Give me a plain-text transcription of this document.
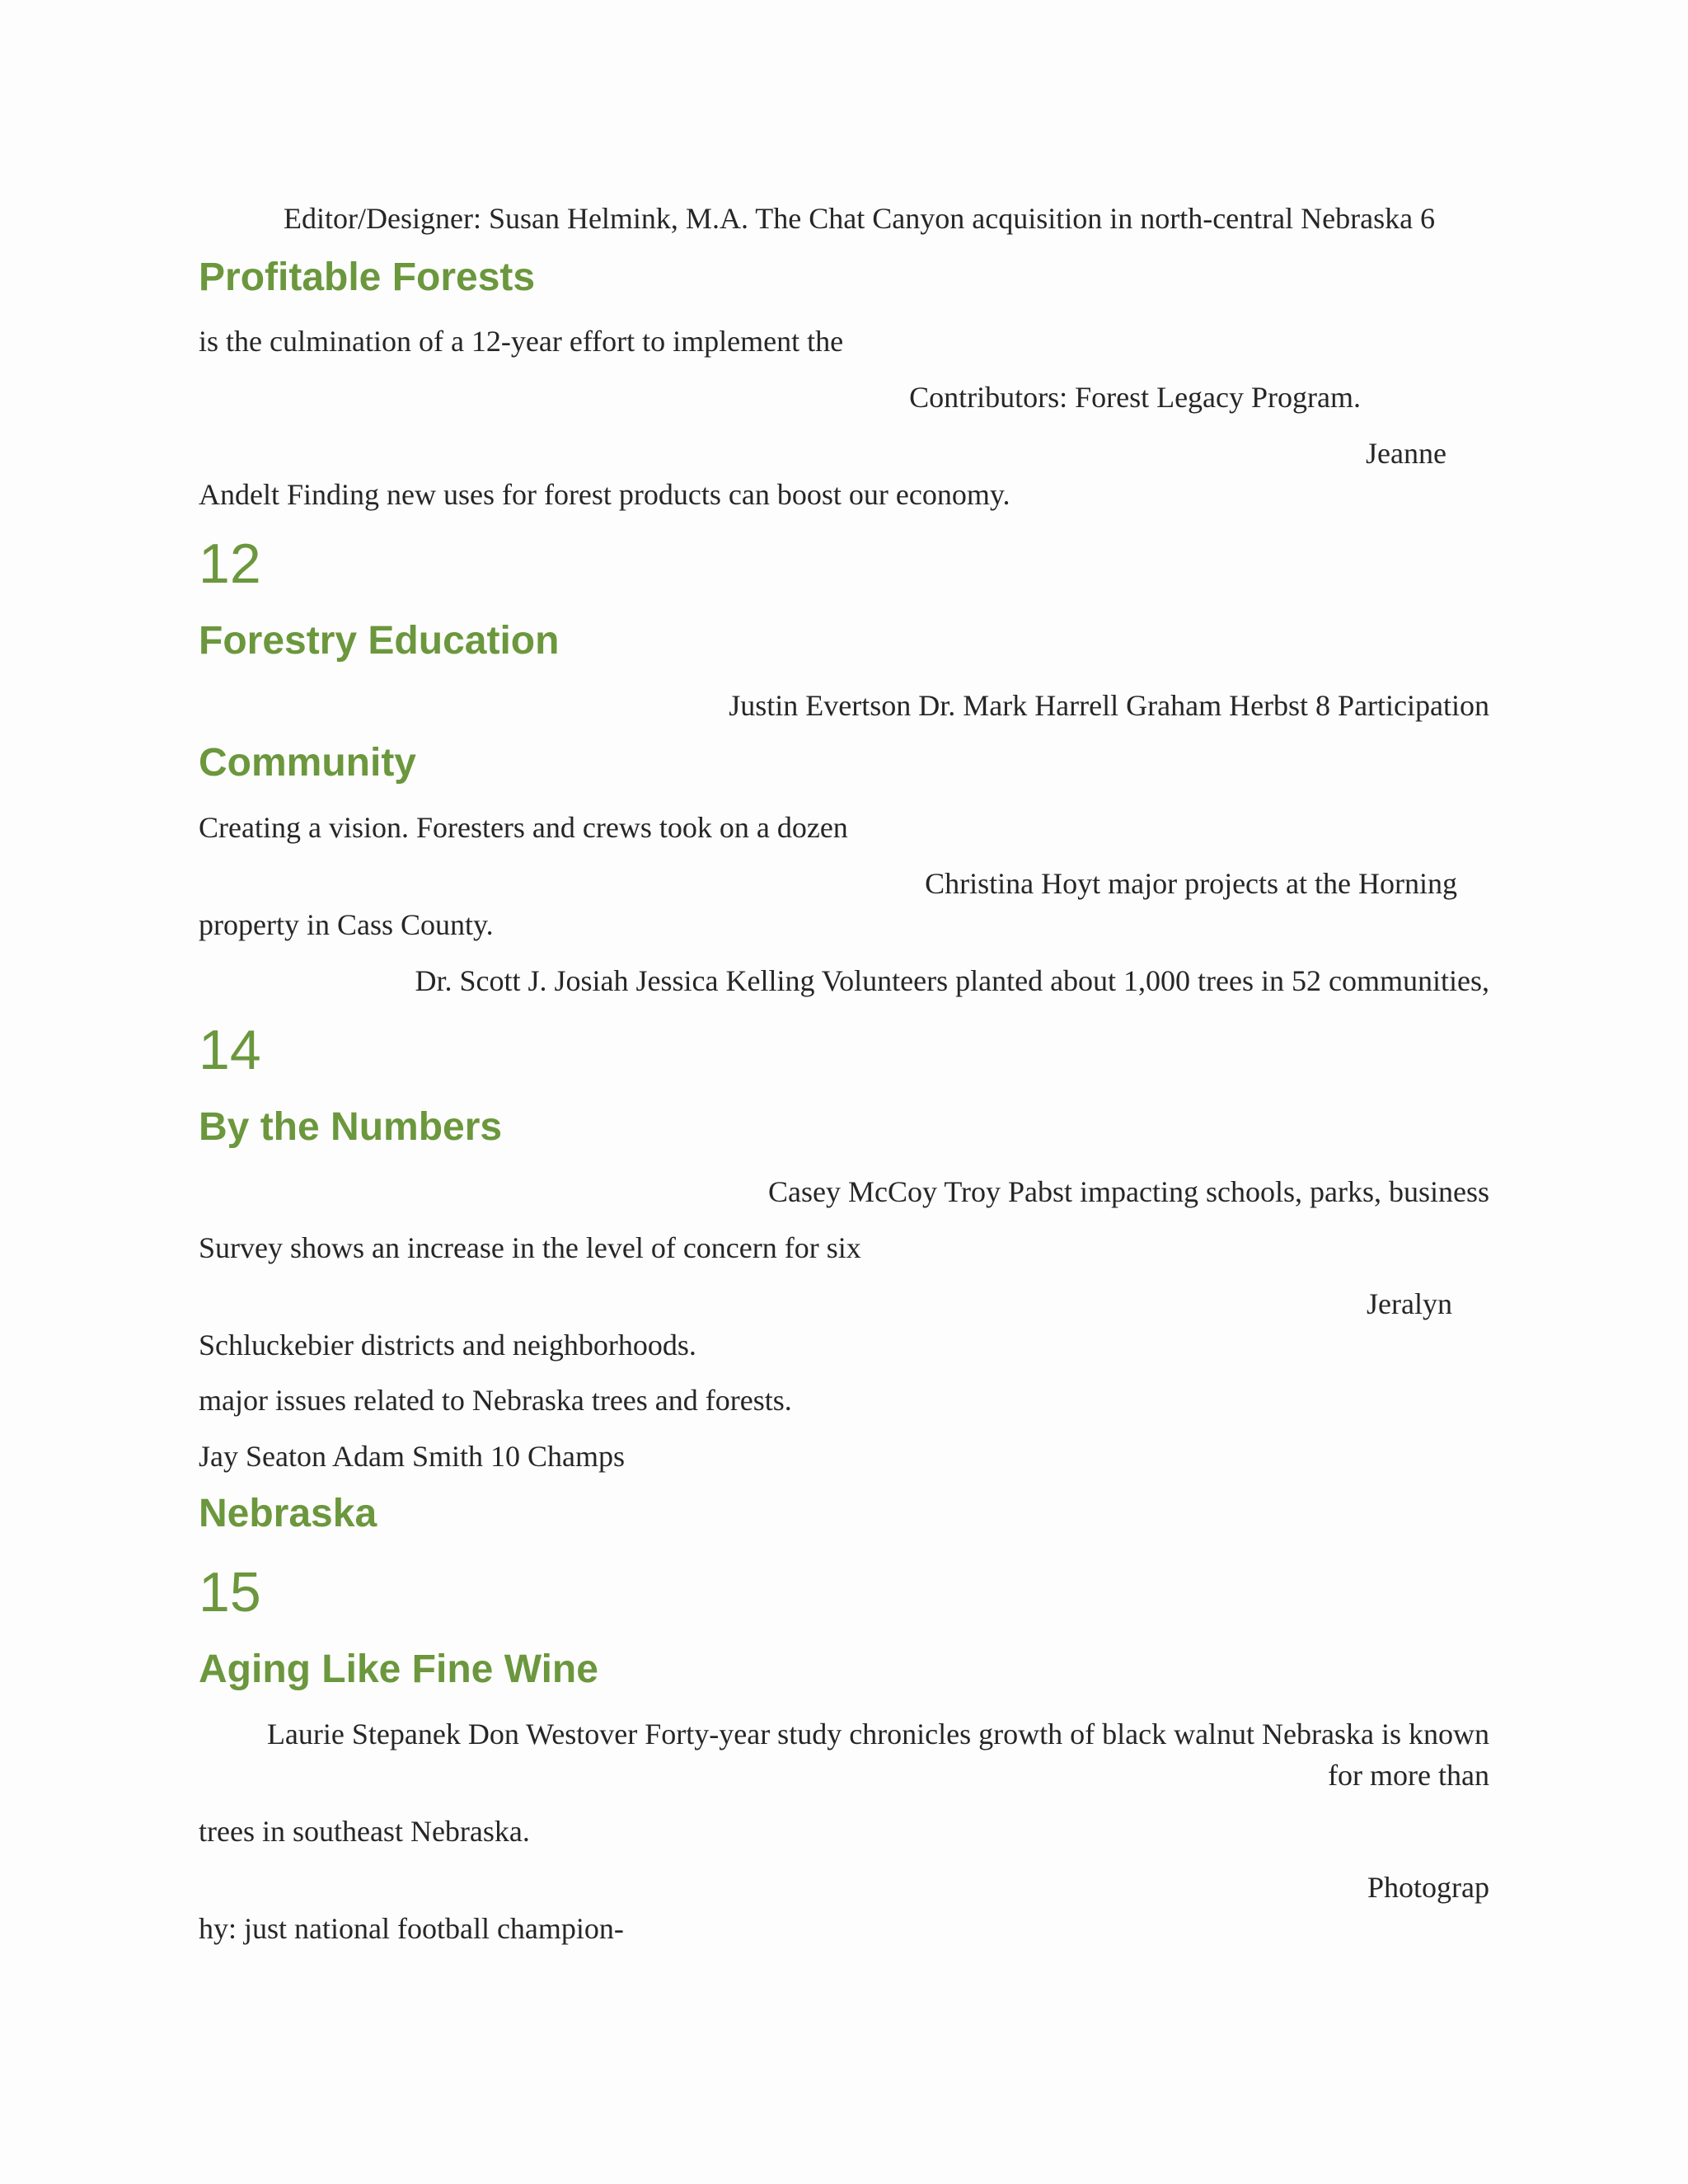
Editor/Designer: Susan Helmink, M.A. The Chat Canyon acquisition in north-central Nebraska 6
Profitable Forests
is the culmination of a 12-year effort to implement the
Contributors: Forest Legacy Program.
Jeanne
Andelt Finding new uses for forest products can boost our economy.
12
Forestry Education
Justin Evertson Dr. Mark Harrell Graham Herbst 8 Participation
Community
Creating a vision. Foresters and crews took on a dozen
Christina Hoyt major projects at the Horning
property in Cass County.
Dr. Scott J. Josiah Jessica Kelling Volunteers planted about 1,000 trees in 52 communities,
14
By the Numbers
Casey McCoy Troy Pabst impacting schools, parks, business
Survey shows an increase in the level of concern for six
Jeralyn
Schluckebier districts and neighborhoods.
major issues related to Nebraska trees and forests.
Jay Seaton Adam Smith 10 Champs
Nebraska
15
Aging Like Fine Wine
Laurie Stepanek Don Westover Forty-year study chronicles growth of black walnut Nebraska is known
for more than
trees in southeast Nebraska.
Photograp
hy: just national football champion-
